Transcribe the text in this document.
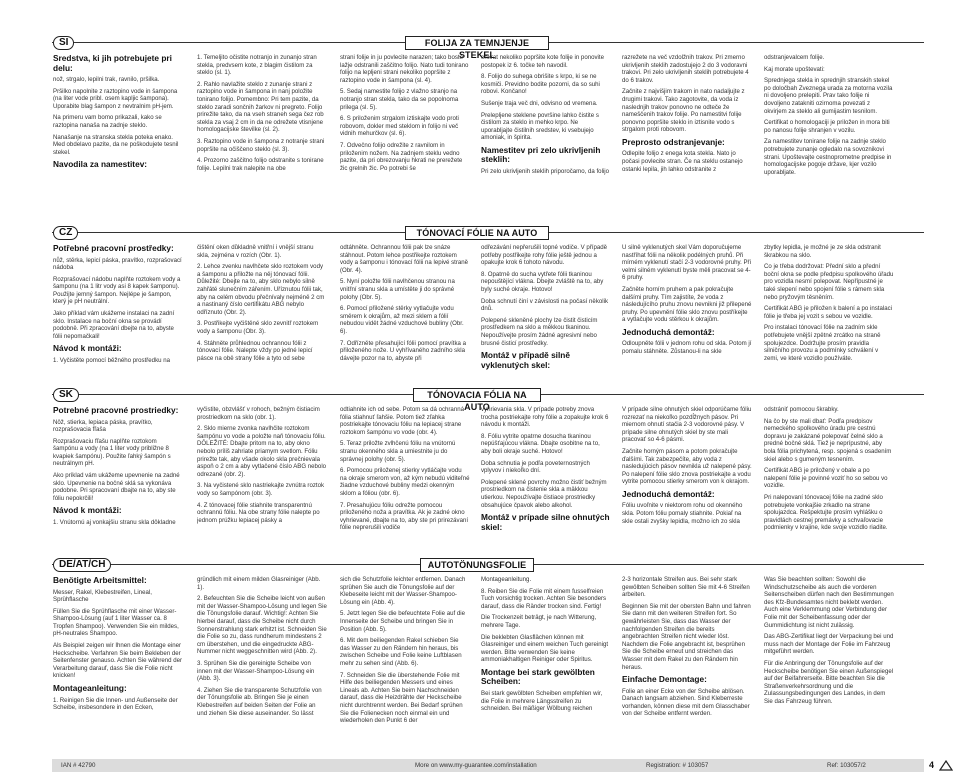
SI	FOLIJA ZA TEMNJENJE STEKEL
Sredstva, ki jih potrebujete pri delu:

nož, strgalo, lepilni trak, ravnilo, pršilka.

Pršilko napolnite z raztopino vode in šampona (na liter vode pribl. osem kapljic šampona). Uporabite blag šampon z nevtralnim pH-jem.

Na primeru vam bomo prikazali, kako se raztopina nanaša na zadnje steklo.

Nanašanje na stranska stekla poteka enako. Med obdelavo pazite, da ne poškodujete tesnil stekel.

Navodila za namestitev:

1. Temeljito očistite notranjo in zunanjo stran stekla, predvsem kote, z blagim čistilom za steklo (sl. 1).

2. Rahlo navlažite steklo z zunanje strani z raztopino vode in šampona in nanj položite tonirano folijo. Pomembno: Pri tem pazite, da steklo zaradi sončnih žarkov ni pregreto. Folijo prirežite tako, da na vseh straneh sega čez rob stekla za vsaj 2 cm in da ne odrežete vtisnjene homologacijske številke (sl. 2).

3. Raztopino vode in šampona z notranje strani popršite na očiščeno steklo (sl. 3).

4. Prozorno zaščitno folijo odstranite s tonirane folije. Lepilni trak nalepite na obe

strani folije in ju povlecite narazen; tako boste lažje odstranili zaščitno folijo. Nato tudi tonirano folijo na lepljeni strani nekoliko popršite z raztopino vode in šampona (sl. 4).

5. Sedaj namestite folijo z vlažno stranjo na notranjo stran stekla, tako da se popolnoma prilega (sl. 5).

6. S priloženim strgalom iztiskajte vodo proti robovom, dokler med steklom in folijo ni več vidnih mehurčkov (sl. 6).

7. Odvečno folijo odrežite z ravnilom in priloženim nožem. Na zadnjem steklu vedno pazite, da pri obrezovanju hkrati ne prerežete žic grelnih žic. Po potrebi še

enkrat nekoliko popršite kote folije in ponovite postopek iz 6. točke teh navodil.

8. Folijo do suhega obrišite s krpo, ki se ne kosmiči. Previdno bodite pozorni, da so suhi robovi. Končano!

Sušenje traja več dni, odvisno od vremena.

Prelepljene steklene površine lahko čistite s čistilom za steklo in mehko krpo. Ne uporabljajte čistilnih sredstev, ki vsebujejo amoniak, in špirita.

Namestitev pri zelo ukrivljenih steklih:

Pri zelo ukrivljenih steklih priporočamo, da folijo

razrežete na več vzdolžnih trakov. Pri zmerno ukrivljenih steklih zadostujejo 2 do 3 vodoravni trakovi. Pri zelo ukrivljenih steklih potrebujete 4 do 6 trakov.

Začnite z najvišjim trakom in nato nadaljujte z drugimi trakovi. Tako zagotovite, da voda iz naslednjih trakov ponovno ne odteče že nameščenih trakov folije. Po namestitvi folije ponovno popršite steklo in iztisnite vodo s strgalom proti robovom.

Preprosto odstranjevanje:

Odlepite folijo z enega kota stekla. Nato jo počasi povlecite stran. Če na steklu ostanejo ostanki lepila, jih lahko odstranite z

odstranjevalcem folije.

Kaj morate upoštevati:

Sprednjega stekla in sprednjih stranskih stekel po določbah Zveznega urada za motorna vozila ni dovoljeno prelepiti. Prav tako folije ni dovoljeno zatakniti ozirnoma povezati z okvirjem za steklo ali gumijastim tesnilom.

Certifikat o homologaciji je priložen in mora biti po nanosu folije shranjen v vozilu.

Za namestitev tonirane folije na zadnje steklo potrebujete zunanje ogledalo na sovoznikovi strani. Upoštevajte cestnoprometne predpise in homologacijske pogoje države, kjer vozilo uporabljate.

CZ	TÓNOVACÍ FÓLIE NA AUTO
Potřebné pracovní prostředky:

nůž, stěrka, lepicí páska, pravítko, rozprašovací nádoba

Rozprašovací nádobu naplňte roztokem vody a šamponu (na 1 litr vody asi 8 kapek šamponu). Použijte jemný šampon. Nejlépe je šampon, který je pH neutrální.

Jako příklad vám ukážeme instalaci na zadní sklo. Instalace na boční okna se provádí podobně. Při zpracování dbejte na to, abyste fólii nepomačkali!

Návod k montáži:

1. Vyčistěte pomocí běžného prostředku na

čištění oken důkladně vnitřní i vnější stranu skla, zejména v rozích (Obr. 1).

2. Lehce zvenku navlhčete sklo roztokem vody a šamponu a přiložte na něj tónovací fólii. Důležité: Dbejte na to, aby sklo nebylo silně zahřáté slunečním zářením. Uříznutou fólii tak, aby na celém obvodu přečnívaly nejméně 2 cm a nastinaný číslo certifikátu ABG nebylo odříznuto (Obr. 2).

3. Postřikejte vyčištěné sklo zevnitř roztokem vody a šamponu (Obr. 3).

4. Stáhněte průhlednou ochrannou fólii z tónovací fólie. Nalepte vždy po jedné lepicí pásce na obě strany fólie a tyto od sebe

odtáhněte. Ochrannou fólii pak lze snáze stáhnout. Potom lehce postřikejte roztokem vody a šamponu i tónovací fólii na lepivé straně (Obr. 4).

5. Nyní položte fólii navlhčenou stranou na vnitřní stranu skla a umístěte ji do správné polohy (Obr. 5).

6. Pomocí přiložené stěrky vytlačujte vodu směrem k okrajům, až mezi sklem a fólií nebudou vidět žádné vzduchové bubliny (Obr. 6).

7. Odřízněte přesahující fólii pomocí pravítka a přiloženého nože. U vyhřívaného zadního skla dávejte pozor na to, abyste při

odřezávání nepřerušili topné vodiče. V případě potřeby postřikejte rohy fólie ještě jednou a opakujte krok 6 tohoto návodu.

8. Opatrně do sucha vytřete fólii tkaninou nepouštějící vlákna. Dbejte zvláště na to, aby byly suché okraje. Hotovo!

Doba schnutí činí v závislosti na počasí několik dnů.

Polepené skleněné plochy lze čistit čisticím prostředkem na sklo a měkkou tkaninou. Nepoužívejte prosím žádné agresivní nebo brusné čisticí prostředky.

Montáž v případě silně vyklenutých skel:

U silně vyklenutých skel Vám doporučujeme nastříhat fólii na několik podélných pruhů. Při mírném vyklenutí stačí 2-3 vodorovné pruhy. Při velmi silném vyklenutí byste měli pracovat se 4-6 pruhy.

Začněte horním pruhem a pak pokračujte dalšími pruhy. Tím zajistíte, že voda z následujícího pruhu znovu nevnikni již přilepené pruhy. Po upevnění fólie sklo znovu postříkejte a vytlačujte vodu stěrkou k okrajům.

Jednoduchá demontáž:

Odloupněte fólii v jednom rohu od skla. Potom jí pomalu stáhněte. Zůstanou-li na skle

zbytky lepidla, je možné je ze skla odstranit škrabkou na sklo.

Co je třeba dodržovat: Přední sklo a přední boční okna se podle předpisu spolkového úřadu pro vozidla nesmí polepovat. Nepřípustné je také slepení nebo spojení fólie s rámem skla nebo pryžovým těsněním.

Certifikát ABG je přiložen k balení a po instalaci fólie je třeba jej vozit s sebou ve vozidle.

Pro instalaci tónovací fólie na zadním skle potřebujete vnější zpětné zrcátko na straně spolujezdce. Dodržujte prosím pravidla silničního provozu a podmínky schválení v zemi, ve které vozidlo používáte.

SK	TÓNOVACIA FÓLIA NA AUTO
Potrebné pracovné prostriedky:

Nôž, stierka, lepiaca páska, pravítko, rozprašovacia fľaša

Rozprašovaciu fľašu naplňte roztokom šampónu a vody (na 1 liter vody približne 8 kvapiek šampónu). Použite ľahký šampón s neutrálnym pH.

Ako príklad vám ukážeme upevnenie na zadné sklo. Upevnenie na bočné sklá sa vykonáva podobne. Pri spracovaní dbajte na to, aby ste fóliu nepokrčili!

Návod k montáži:

1. Vnútornú aj vonkajšiu stranu skla dôkladne

vyčistite, obzvlášť v rohoch, bežným čistiacim prostriedkom na sklo (obr. 1).

2. Sklo mierne zvonka navlhčite roztokom šampónu vo vode a položte naň tónovaciu fóliu. DÔLEŽITÉ: Dbajte pritom na to, aby okno nebolo príliš zahriate priamym svetlom. Fóliu prirežte tak, aby všade okolo skla prečnievala aspoň o 2 cm a aby vytlačené číslo ABG nebolo odrezané (obr. 2).

3. Na vyčistené sklo nastriekajte zvnútra roztok vody so šampónom (obr. 3).

4. Z tónovacej fólie stiahnite transparentnú ochrannú fóliu. Na obe strany fólie nalepte po jednom prúžku lepiacej pásky a

odtiahnite ich od sebe. Potom sa dá ochranná fólia stiahnuť ľahšie. Potom tiež zľahka postriekajte tónovaciu fóliu na lepiacej strane roztokom šampónu vo vode (obr. 4).

5. Teraz priložte zvlhčenú fóliu na vnútornú stranu okenného skla a umiestnite ju do správnej polohy (obr. 5).

6. Pomocou priloženej stierky vytláčajte vodu na okraje smerom von, až kým nebudú viditeľné žiadne vzduchové bubliny medzi okenným sklom a fóliou (obr. 6).

7. Presahujúcu fóliu odrežte pomocou priloženého noža a pravítka. Ak je zadné okno vyhrievané, dbajte na to, aby ste pri prirezávaní fólie neprerušili vodiče

vyhrievania skla. V prípade potreby znova trocha postriekajte rohy fólie a zopakujte krok 6 návodu k montáži.

8. Fóliu vytrite opatrne dosucha tkaninou nepúšťajúcou vlákna. Dbajte osobitne na to, aby boli okraje suché. Hotovo!

Doba schnutia je podľa poveternostných vplyvov i niekoľko dní.

Polepené sklené povrchy možno čistiť bežným prostriedkom na čistenie skla a mäkkou utierkou. Nepoužívajte čistiace prostriedky obsahujúce čpavok alebo alkohol.

Montáž v prípade silne ohnutých skiel:

V prípade silne ohnutých skiel odporúčame fóliu rozrezať na niekoľko pozdĺžnych pásov. Pri miernom ohnutí stačia 2-3 vodorovné pásy. V prípade silne ohnutých skiel by ste mali pracovať so 4-6 pásmi.

Začnite horným pásom a potom pokračujte ďalšími. Tak zabezpečíte, aby voda z nasledujúcich pásov nevnikla už nalepené pásy. Po nalepení fólie sklo znova postriekajte a vodu vytrite pomocou stierky smerom von k okrajom.

Jednoduchá demontáž:

Fóliu uvoľnite v niektorom rohu od okenného skla. Potom fóliu pomaly stiahnite. Pokiaľ na skle ostali zvyšky lepidla, možno ich zo skla

odstrániť pomocou škrabky.

Na čo by ste mali dbať: Podľa predpisov nemeckého spolkového úradu pre cestnú dopravu je zakázané polepovať čelné sklo a predné bočné sklá. Tiež je neprípustné, aby bola fólia prichytená, resp. spojená s osadením skiel alebo s gumeným tesnením.

Certifikát ABG je priložený v obale a po nalepení fólie je povinné voziť ho so sebou vo vozidle.

Pri nalepovaní tónovacej fólie na zadné sklo potrebujete vonkajšie zrkadlo na strane spolujazdca. Rešpektujte prosím vyhlášku o pravidlách cestnej premávky a schvaľovacie podmienky v krajine, kde svoje vozidlo riadite.

DE/AT/CH	AUTOTÖNUNGSFOLIE
Benötigte Arbeitsmittel:

Messer, Rakel, Klebestreifen, Lineal, Sprühflasche

Füllen Sie die Sprühflasche mit einer Wasser-Shampoo-Lösung (auf 1 liter Wasser ca. 8 Tropfen Shampoo). Verwenden Sie ein mildes, pH-neutrales Shampoo.

Als Beispiel zeigen wir Ihnen die Montage einer Heckscheibe. Verfahren Sie beim Bekleben der Seitenfenster genauso. Achten Sie während der Verarbeitung darauf, dass Sie die Folie nicht knicken!

Montageanleitung:

1. Reinigen Sie die Innen- und Außenseite der Scheibe, insbesondere in den Ecken,

gründlich mit einem milden Glasreiniger (Abb. 1).

2. Befeuchten Sie die Scheibe leicht von außen mit der Wasser-Shampoo-Lösung und legen Sie die Tönungsfolie darauf. Wichtig!: Achten Sie hierbei darauf, dass die Scheibe nicht durch Sonnenstrahlung stark erhitzt ist. Schneiden Sie die Folie so zu, dass rundherum mindestens 2 cm überstehen, und die eingedruckte ABG-Nummer nicht weggeschnitten wird (Abb. 2).

3. Sprühen Sie die gereinigte Scheibe von innen mit der Wasser-Shampoo-Lösung ein (Abb. 3).

4. Ziehen Sie die transparente Schutzfolie von der Tönungsfolie ab. Bringen Sie je einen Klebestreifen auf beiden Seiten der Folie an und ziehen Sie diese auseinander. So lässt

sich die Schutzfolie leichter entfernen. Danach sprühen Sie auch die Tönungsfolie auf der Klebeseite leicht mit der Wasser-Shampoo-Lösung ein (Abb. 4).

5. Jetzt legen Sie die befeuchtete Folie auf die Innenseite der Scheibe und bringen Sie in Position (Abb. 5).

6. Mit dem beiliegenden Rakel schieben Sie das Wasser zu den Rändern hin heraus, bis zwischen Scheibe und Folie keine Luftblasen mehr zu sehen sind (Abb. 6).

7. Schneiden Sie die überstehende Folie mit Hilfe des beiliegenden Messers und eines Lineals ab. Achten Sie beim Nachschneiden darauf, dass die Heizdrähte der Heckscheibe nicht durchtrennt werden. Bei Bedarf sprühen Sie die Folienecken noch einmal ein und wiederholen den Punkt 6 der

Montageanleitung.

8. Reiben Sie die Folie mit einem fusselfreien Tuch vorsichtig trocken. Achten Sie besonders darauf, dass die Ränder trocken sind. Fertig!

Die Trockenzeit beträgt, je nach Witterung, mehrere Tage.

Die beklebten Glasflächen können mit Glasreiniger und einem weichen Tuch gereinigt werden. Bitte verwenden Sie keine ammoniakhaltigen Reiniger oder Spiritus.

Montage bei stark gewölbten Scheiben:

Bei stark gewölbten Scheiben empfehlen wir, die Folie in mehrere Längsstreifen zu schneiden. Bei mäßiger Wölbung reichen

2-3 horizontale Streifen aus. Bei sehr stark gewölbten Scheiben sollten Sie mit 4-6 Streifen arbeiten.

Beginnen Sie mit der obersten Bahn und fahren Sie dann mit den weiteren Streifen fort. So gewährleisten Sie, dass das Wasser der nachfolgenden Streifen die bereits angebrachten Streifen nicht wieder löst. Nachdem die Folie angebracht ist, besprühen Sie die Scheibe erneut und streichen das Wasser mit dem Rakel zu den Rändern hin heraus.

Einfache Demontage:

Folie an einer Ecke von der Scheibe ablösen. Danach langsam abziehen. Sind Kleberreste vorhanden, können diese mit dem Glasschaber von der Scheibe entfernt werden.

Was Sie beachten sollten: Sowohl die Windschutzscheibe als auch die vorderen Seitenscheiben dürfen nach den Bestimmungen des Kfz-Bundesamtes nicht beklebt werden. Auch eine Verklemmung oder Verbindung der Folie mit der Scheibenfassung oder der Gummidichtung ist nicht zulässig.

Das ABG-Zertifikat liegt der Verpackung bei und muss nach der Montage der Folie im Fahrzeug mitgeführt werden.

Für die Anbringung der Tönungsfolie auf der Heckscheibe benötigen Sie einen Außenspiegel auf der Beifahrerseite. Bitte beachten Sie die Straßenverkehrsordnung und die Zulassungsbedingungen des Landes, in dem Sie das Fahrzeug führen.

IAN # 42790	More on www.my-guarantee.com/installation	Registration: # 103057	Ref: 103057/2	4
